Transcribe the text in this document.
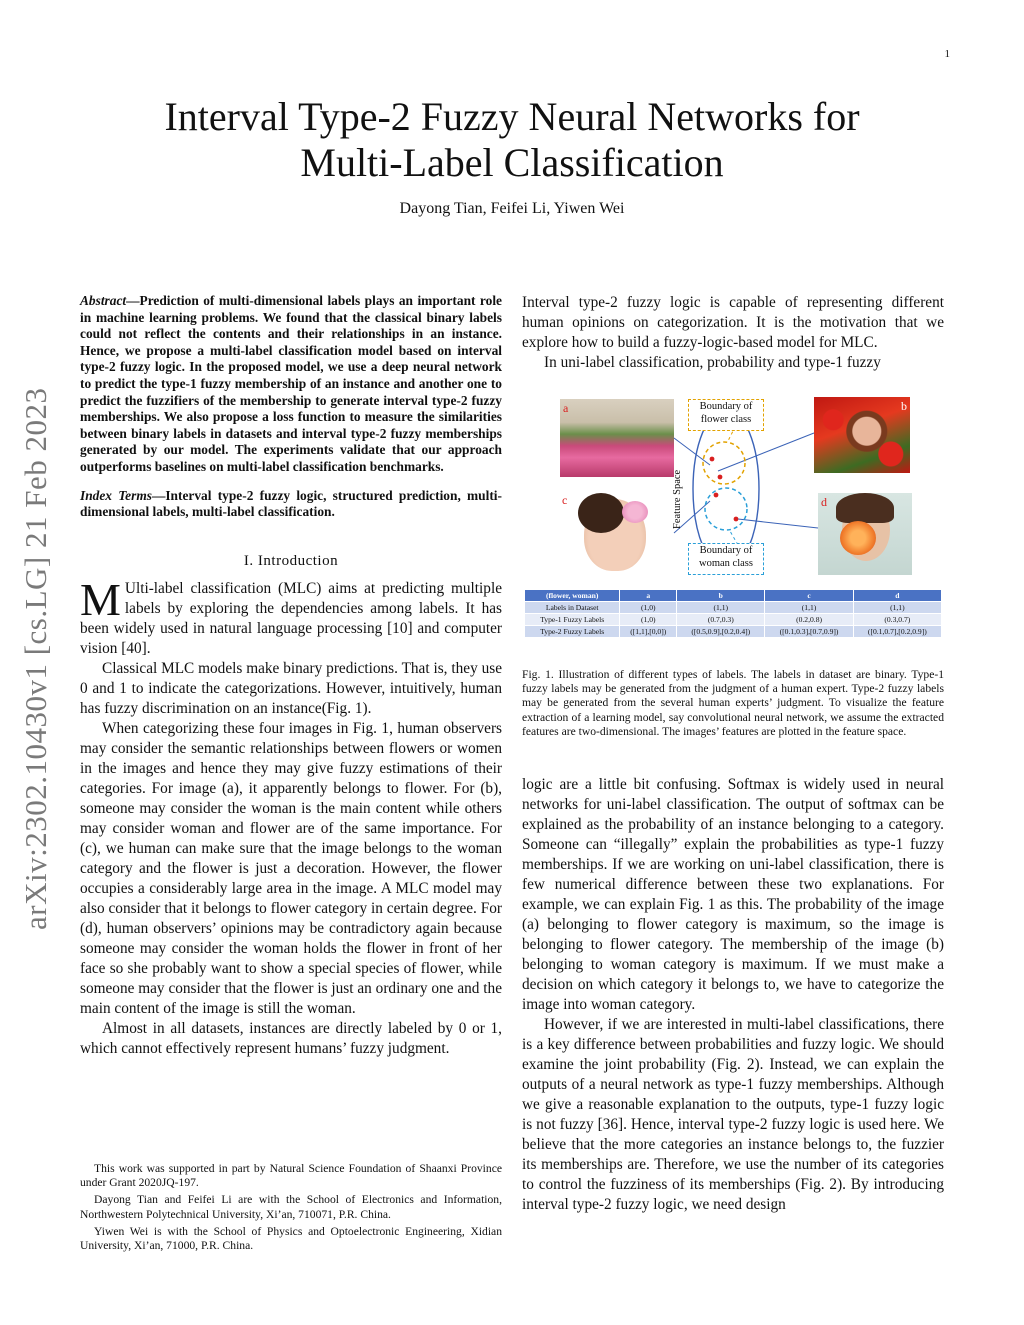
1
arXiv:2302.10430v1 [cs.LG] 21 Feb 2023
Interval Type-2 Fuzzy Neural Networks for
Multi-Label Classification
Dayong Tian, Feifei Li, Yiwen Wei

Abstract—Prediction of multi-dimensional labels plays an important role in machine learning problems. We found that the classical binary labels could not reflect the contents and their relationships in an instance. Hence, we propose a multi-label classification model based on interval type-2 fuzzy logic. In the proposed model, we use a deep neural network to predict the type-1 fuzzy membership of an instance and another one to predict the fuzzifiers of the membership to generate interval type-2 fuzzy memberships. We also propose a loss function to measure the similarities between binary labels in datasets and interval type-2 fuzzy memberships generated by our model. The experiments validate that our approach outperforms baselines on multi-label classification benchmarks.

Index Terms—Interval type-2 fuzzy logic, structured prediction, multi-dimensional labels, multi-label classification.

I. Introduction

M Ulti-label classification (MLC) aims at predicting multiple labels by exploring the dependencies among labels. It has been widely used in natural language processing [10] and computer vision [40].

Classical MLC models make binary predictions. That is, they use 0 and 1 to indicate the categorizations. However, intuitively, human has fuzzy discrimination on an instance(Fig. 1).

When categorizing these four images in Fig. 1, human observers may consider the semantic relationships between flowers or women in the images and hence they may give fuzzy estimations of their categories. For image (a), it apparently belongs to flower. For (b), someone may consider the woman is the main content while others may consider woman and flower are of the same importance. For (c), we human can make sure that the image belongs to the woman category and the flower is just a decoration. However, the flower occupies a considerably large area in the image. A MLC model may also consider that it belongs to flower category in certain degree. For (d), human observers’ opinions may be contradictory again because someone may consider the woman holds the flower in front of her face so she probably want to show a special species of flower, while someone may consider that the flower is just an ordinary one and the main content of the image is still the woman.

Almost in all datasets, instances are directly labeled by 0 or 1, which cannot effectively represent humans’ fuzzy judgment.

This work was supported in part by Natural Science Foundation of Shaanxi Province under Grant 2020JQ-197.

Dayong Tian and Feifei Li are with the School of Electronics and Information, Northwestern Polytechnical University, Xi’an, 710071, P.R. China.

Yiwen Wei is with the School of Physics and Optoelectronic Engineering, Xidian University, Xi’an, 71000, P.R. China.

Interval type-2 fuzzy logic is capable of representing different human opinions on categorization. It is the motivation that we explore how to build a fuzzy-logic-based model for MLC.

In uni-label classification, probability and type-1 fuzzy

a	b
c	d
Boundary of flower class
Boundary of woman class
Feature Space
(flower, woman)	a	b	c	d
Labels in Dataset	(1,0)	(1,1)	(1,1)	(1,1)
Type-1 Fuzzy Labels	(1,0)	(0.7,0.3)	(0.2,0.8)	(0.3,0.7)
Type-2 Fuzzy Labels	([1,1],[0,0])	([0.5,0.9],[0.2,0.4])	([0.1,0.3],[0.7,0.9])	([0.1,0.7],[0.2,0.9])
Fig. 1. Illustration of different types of labels. The labels in dataset are binary. Type-1 fuzzy labels may be generated from the judgment of a human expert. Type-2 fuzzy labels may be generated from the several human experts’ judgment. To visualize the feature extraction of a learning model, say convolutional neural network, we assume the extracted features are two-dimensional. The images’ features are plotted in the feature space.

logic are a little bit confusing. Softmax is widely used in neural networks for uni-label classification. The output of softmax can be explained as the probability of an instance belonging to a category. Someone can “illegally” explain the probabilities as type-1 fuzzy memberships. If we are working on uni-label classification, there is few numerical difference between these two explanations. For example, we can explain Fig. 1 as this. The probability of the image (a) belonging to flower category is maximum, so the image is belonging to flower category. The membership of the image (b) belonging to woman category is maximum. If we must make a decision on which category it belongs to, we have to categorize the image into woman category.

However, if we are interested in multi-label classifications, there is a key difference between probabilities and fuzzy logic. We should examine the joint probability (Fig. 2). Instead, we can explain the outputs of a neural network as type-1 fuzzy memberships. Although we give a reasonable explanation to the outputs, type-1 fuzzy logic is not fuzzy [36]. Hence, interval type-2 fuzzy logic is used here. We believe that the more categories an instance belongs to, the fuzzier its memberships are. Therefore, we use the number of its categories to control the fuzziness of its memberships (Fig. 2). By introducing interval type-2 fuzzy logic, we need design
